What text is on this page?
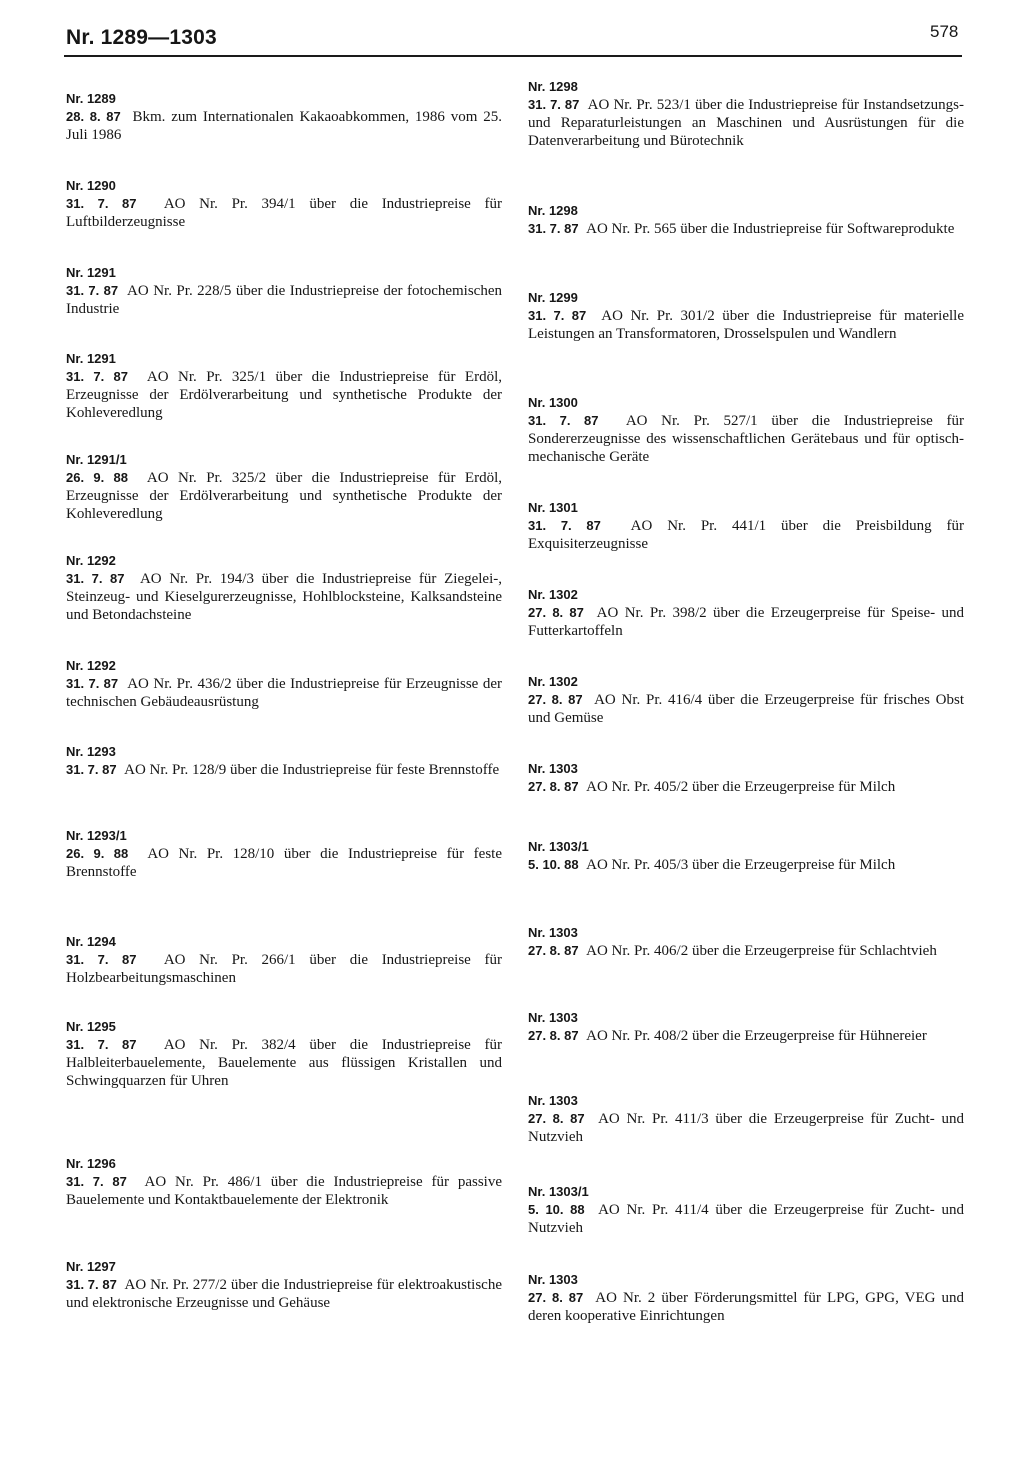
Nr. 1289—1303	578
Nr. 1289
28. 8. 87 Bkm. zum Internationalen Kakaoabkommen, 1986 vom 25. Juli 1986
Nr. 1290
31. 7. 87 AO Nr. Pr. 394/1 über die Industriepreise für Luftbilderzeugnisse
Nr. 1291
31. 7. 87 AO Nr. Pr. 228/5 über die Industriepreise der fotochemischen Industrie
Nr. 1291
31. 7. 87 AO Nr. Pr. 325/1 über die Industriepreise für Erdöl, Erzeugnisse der Erdölverarbeitung und synthetische Produkte der Kohleveredlung
Nr. 1291/1
26. 9. 88 AO Nr. Pr. 325/2 über die Industriepreise für Erdöl, Erzeugnisse der Erdölverarbeitung und synthetische Produkte der Kohleveredlung
Nr. 1292
31. 7. 87 AO Nr. Pr. 194/3 über die Industriepreise für Ziegelei-, Steinzeug- und Kieselgurerzeugnisse, Hohlblocksteine, Kalksandsteine und Betondachsteine
Nr. 1292
31. 7. 87 AO Nr. Pr. 436/2 über die Industriepreise für Erzeugnisse der technischen Gebäudeausrüstung
Nr. 1293
31. 7. 87 AO Nr. Pr. 128/9 über die Industriepreise für feste Brennstoffe
Nr. 1293/1
26. 9. 88 AO Nr. Pr. 128/10 über die Industriepreise für feste Brennstoffe
Nr. 1294
31. 7. 87 AO Nr. Pr. 266/1 über die Industriepreise für Holzbearbeitungsmaschinen
Nr. 1295
31. 7. 87 AO Nr. Pr. 382/4 über die Industriepreise für Halbleiterbauelemente, Bauelemente aus flüssigen Kristallen und Schwingquarzen für Uhren
Nr. 1296
31. 7. 87 AO Nr. Pr. 486/1 über die Industriepreise für passive Bauelemente und Kontaktbauelemente der Elektronik
Nr. 1297
31. 7. 87 AO Nr. Pr. 277/2 über die Industriepreise für elektroakustische und elektronische Erzeugnisse und Gehäuse
Nr. 1298
31. 7. 87 AO Nr. Pr. 523/1 über die Industriepreise für Instandsetzungs- und Reparaturleistungen an Maschinen und Ausrüstungen für die Datenverarbeitung und Bürotechnik
Nr. 1298
31. 7. 87 AO Nr. Pr. 565 über die Industriepreise für Softwareprodukte
Nr. 1299
31. 7. 87 AO Nr. Pr. 301/2 über die Industriepreise für materielle Leistungen an Transformatoren, Drosselspulen und Wandlern
Nr. 1300
31. 7. 87 AO Nr. Pr. 527/1 über die Industriepreise für Sondererzeugnisse des wissenschaftlichen Gerätebaus und für optisch-mechanische Geräte
Nr. 1301
31. 7. 87 AO Nr. Pr. 441/1 über die Preisbildung für Exquisiterzeugnisse
Nr. 1302
27. 8. 87 AO Nr. Pr. 398/2 über die Erzeugerpreise für Speise- und Futterkartoffeln
Nr. 1302
27. 8. 87 AO Nr. Pr. 416/4 über die Erzeugerpreise für frisches Obst und Gemüse
Nr. 1303
27. 8. 87 AO Nr. Pr. 405/2 über die Erzeugerpreise für Milch
Nr. 1303/1
5. 10. 88 AO Nr. Pr. 405/3 über die Erzeugerpreise für Milch
Nr. 1303
27. 8. 87 AO Nr. Pr. 406/2 über die Erzeugerpreise für Schlachtvieh
Nr. 1303
27. 8. 87 AO Nr. Pr. 408/2 über die Erzeugerpreise für Hühnereier
Nr. 1303
27. 8. 87 AO Nr. Pr. 411/3 über die Erzeugerpreise für Zucht- und Nutzvieh
Nr. 1303/1
5. 10. 88 AO Nr. Pr. 411/4 über die Erzeugerpreise für Zucht- und Nutzvieh
Nr. 1303
27. 8. 87 AO Nr. 2 über Förderungsmittel für LPG, GPG, VEG und deren kooperative Einrichtungen
